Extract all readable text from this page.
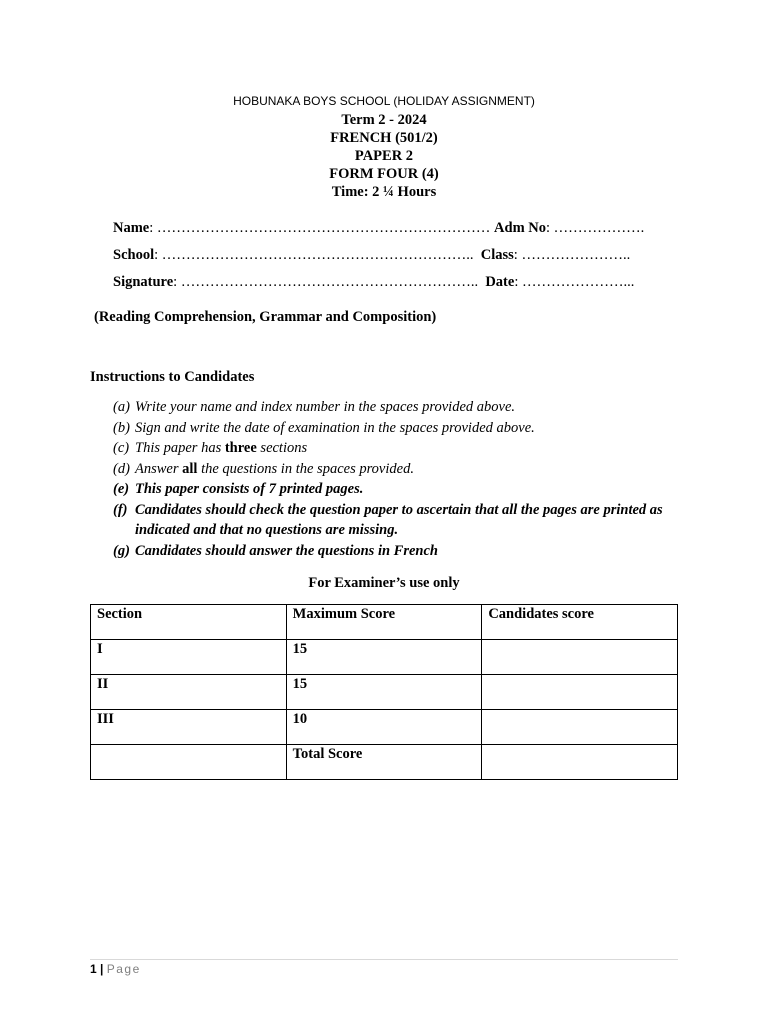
HOBUNAKA BOYS SCHOOL (HOLIDAY ASSIGNMENT)
Term 2 - 2024
FRENCH (501/2)
PAPER 2
FORM FOUR (4)
Time: 2 ¼ Hours
Name: …………………………………………………………… Adm No: ……………….
School: ……………………………………………………….. Class: …………………..
Signature: …………………………………………………….. Date: …………………...
(Reading Comprehension, Grammar and Composition)
Instructions to Candidates
(a) Write your name and index number in the spaces provided above.
(b) Sign and write the date of examination in the spaces provided above.
(c) This paper has three sections
(d) Answer all the questions in the spaces provided.
(e) This paper consists of 7 printed pages.
(f) Candidates should check the question paper to ascertain that all the pages are printed as indicated and that no questions are missing.
(g) Candidates should answer the questions in French
For Examiner’s use only
Section	Maximum Score	Candidates score
I	15	
II	15	
III	10	
	Total Score	
1 | Page
